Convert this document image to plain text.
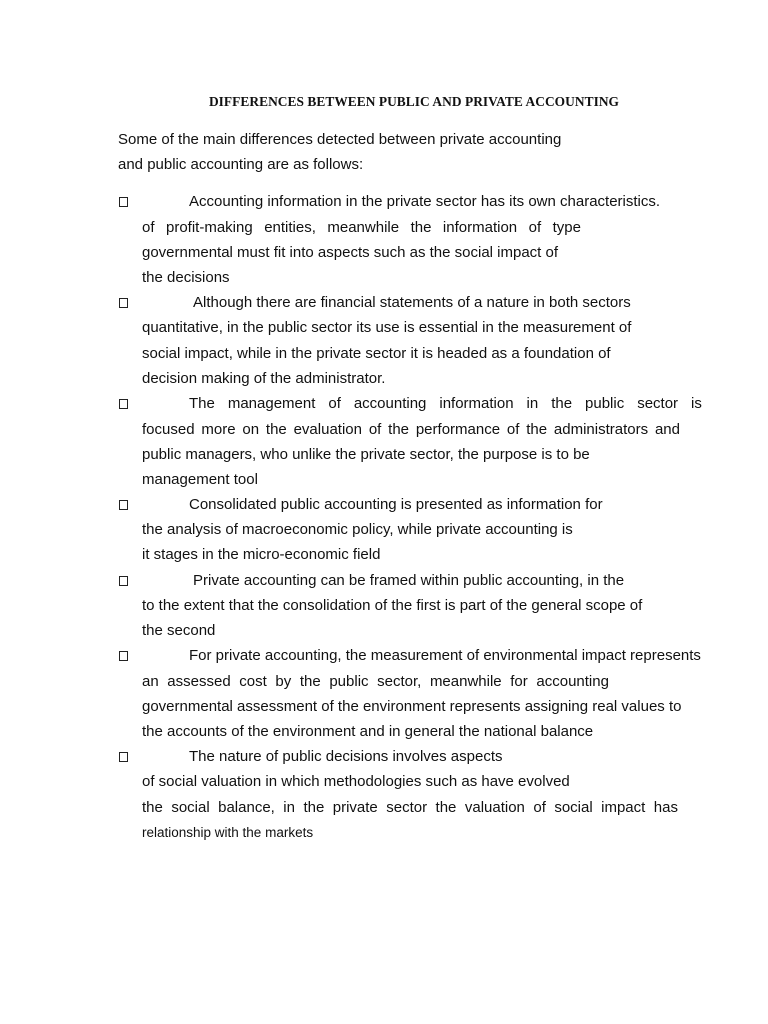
DIFFERENCES BETWEEN PUBLIC AND PRIVATE ACCOUNTING
Some of the main differences detected between private accounting
and public accounting are as follows:
Accounting information in the private sector has its own characteristics.
of profit-making entities, meanwhile the information of type
governmental must fit into aspects such as the social impact of
the decisions
Although there are financial statements of a nature in both sectors
quantitative, in the public sector its use is essential in the measurement of
social impact, while in the private sector it is headed as a foundation of
decision making of the administrator.
The management of accounting information in the public sector is
focused more on the evaluation of the performance of the administrators and
public managers, who unlike the private sector, the purpose is to be
management tool
Consolidated public accounting is presented as information for
the analysis of macroeconomic policy, while private accounting is
it stages in the micro-economic field
Private accounting can be framed within public accounting, in the
to the extent that the consolidation of the first is part of the general scope of
the second
For private accounting, the measurement of environmental impact represents
an assessed cost by the public sector, meanwhile for accounting
governmental assessment of the environment represents assigning real values to
the accounts of the environment and in general the national balance
The nature of public decisions involves aspects
of social valuation in which methodologies such as have evolved
the social balance, in the private sector the valuation of social impact has
relationship with the markets
